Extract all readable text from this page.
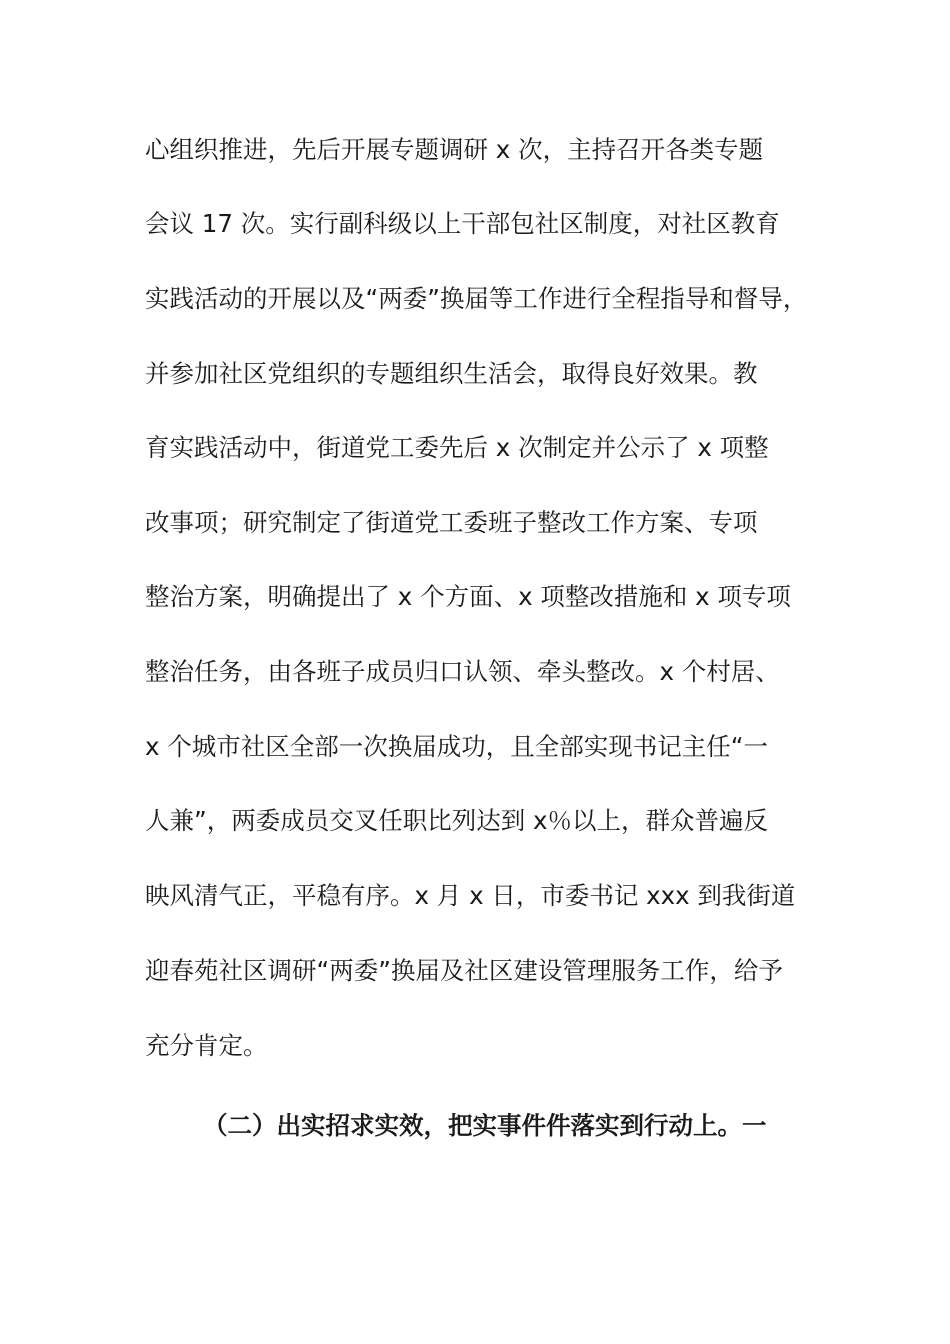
心组织推进，先后开展专题调研 x 次，主持召开各类专题
会议 17 次。实行副科级以上干部包社区制度，对社区教育
实践活动的开展以及“两委”换届等工作进行全程指导和督导，
并参加社区党组织的专题组织生活会，取得良好效果。教
育实践活动中，街道党工委先后 x 次制定并公示了 x 项整
改事项；研究制定了街道党工委班子整改工作方案、专项
整治方案，明确提出了 x 个方面、x 项整改措施和 x 项专项
整治任务，由各班子成员归口认领、牵头整改。x 个村居、
x 个城市社区全部一次换届成功，且全部实现书记主任“一
人兼”，两委成员交叉任职比列达到 x％以上，群众普遍反
映风清气正，平稳有序。x 月 x 日，市委书记 xxx 到我街道
迎春苑社区调研“两委”换届及社区建设管理服务工作，给予
充分肯定。
（二）出实招求实效，把实事件件落实到行动上。一
